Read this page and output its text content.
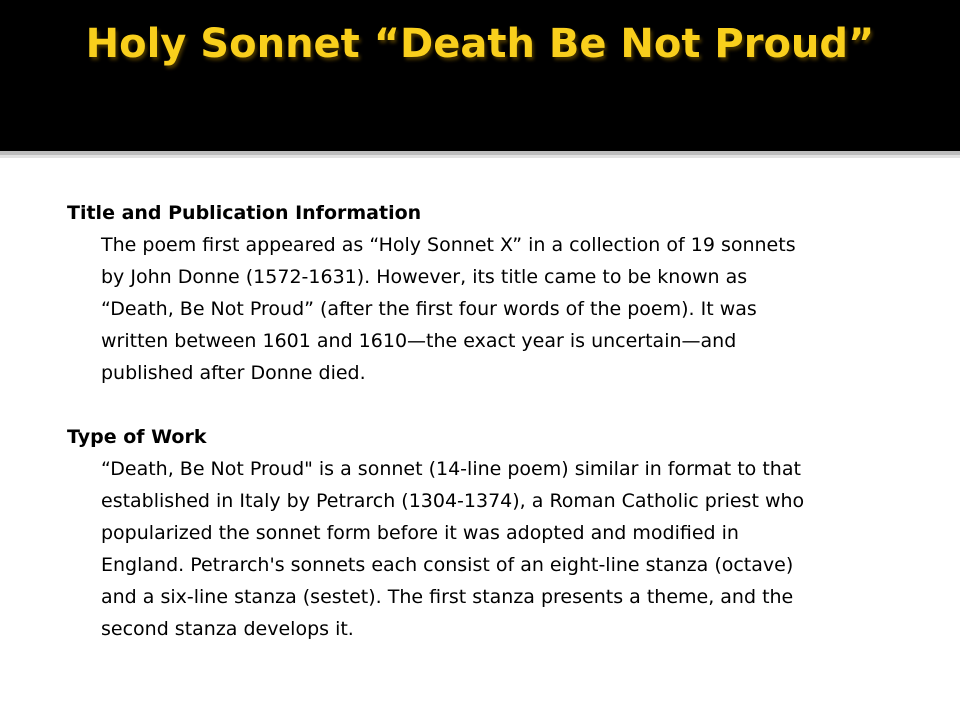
Holy Sonnet “Death Be Not Proud”

Title and Publication Information

The poem first appeared as “Holy Sonnet X” in a collection of 19 sonnets
by John Donne (1572-1631). However, its title came to be known as
“Death, Be Not Proud” (after the first four words of the poem). It was
written between 1601 and 1610—the exact year is uncertain—and
published after Donne died.

Type of Work

“Death, Be Not Proud" is a sonnet (14-line poem) similar in format to that
established in Italy by Petrarch (1304-1374), a Roman Catholic priest who
popularized the sonnet form before it was adopted and modified in
England. Petrarch's sonnets each consist of an eight-line stanza (octave)
and a six-line stanza (sestet). The first stanza presents a theme, and the
second stanza develops it.
